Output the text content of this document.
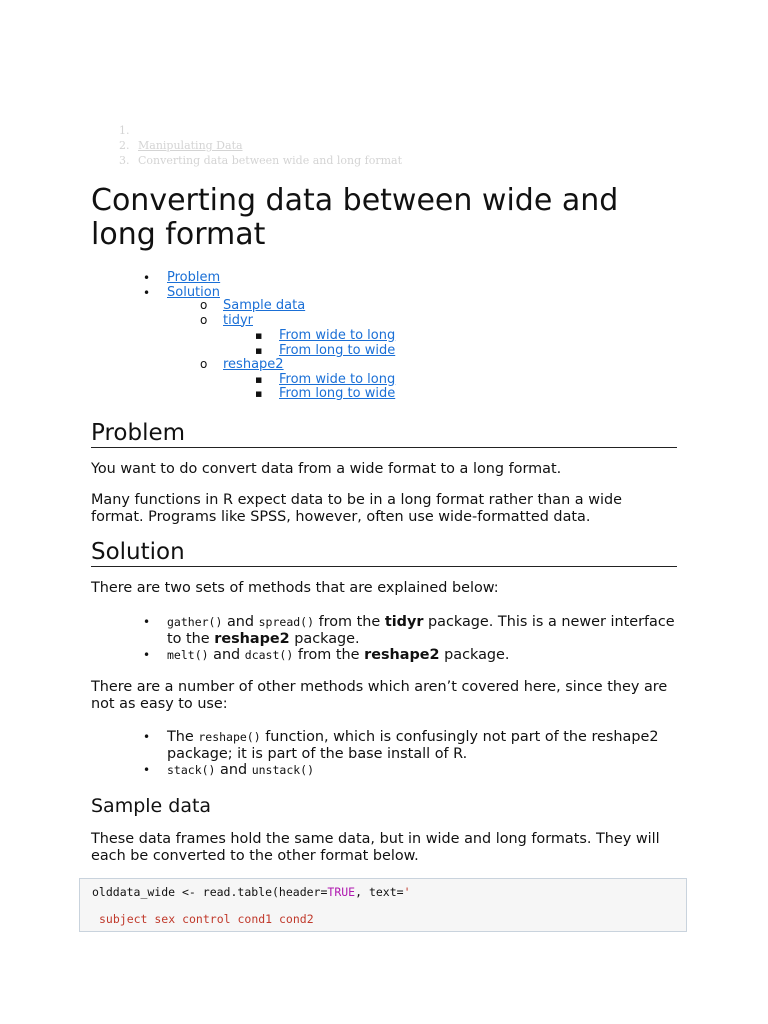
1.
2. Manipulating Data
3. Converting data between wide and long format
Converting data between wide and long format
• Problem
• Solution
o Sample data
o tidyr
▪ From wide to long
▪ From long to wide
o reshape2
▪ From wide to long
▪ From long to wide
Problem

You want to do convert data from a wide format to a long format.

Many functions in R expect data to be in a long format rather than a wide format. Programs like SPSS, however, often use wide-formatted data.

Solution

There are two sets of methods that are explained below:

• gather() and spread() from the tidyr package. This is a newer interface to the reshape2 package.
• melt() and dcast() from the reshape2 package.

There are a number of other methods which aren’t covered here, since they are not as easy to use:

• The reshape() function, which is confusingly not part of the reshape2 package; it is part of the base install of R.
• stack() and unstack()
Sample data

These data frames hold the same data, but in wide and long formats. They will each be converted to the other format below.

olddata_wide <- read.table(header=TRUE, text='
subject sex control cond1 cond2
